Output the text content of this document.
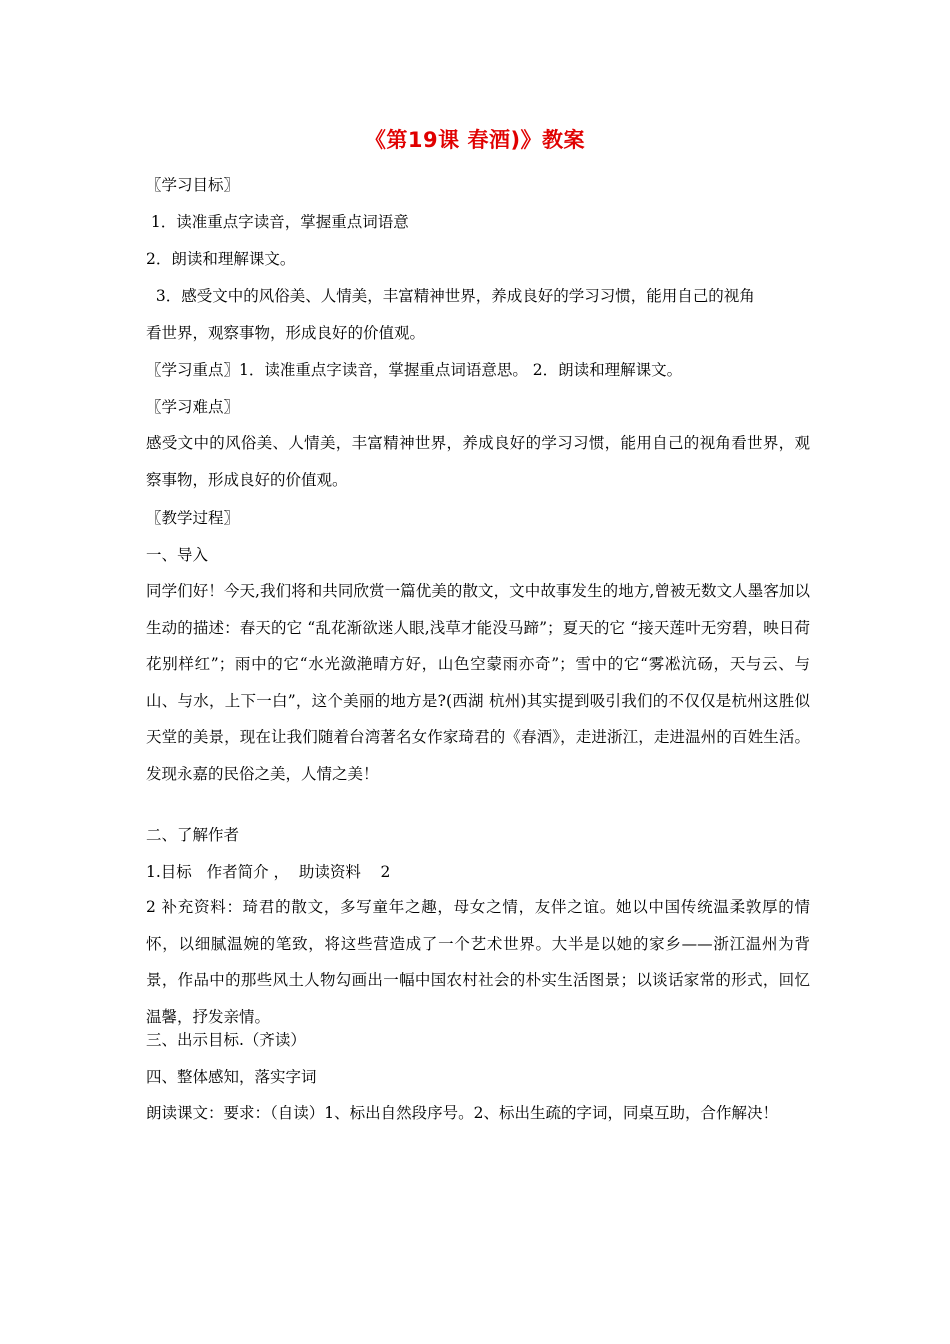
《第19课 春酒)》教案
〖学习目标〗
1．读准重点字读音，掌握重点词语意
2．朗读和理解课文。
3．感受文中的风俗美、人情美，丰富精神世界，养成良好的学习习惯，能用自己的视角
看世界，观察事物，形成良好的价值观。
〖学习重点〗1．读准重点字读音，掌握重点词语意思。 2．朗读和理解课文。
〖学习难点〗
感受文中的风俗美、人情美，丰富精神世界，养成良好的学习习惯，能用自己的视角看世界，观察事物，形成良好的价值观。
〖教学过程〗
一、导入
同学们好！今天,我们将和共同欣赏一篇优美的散文，文中故事发生的地方,曾被无数文人墨客加以生动的描述：春天的它 “乱花渐欲迷人眼,浅草才能没马蹄”；夏天的它 “接天莲叶无穷碧，映日荷花别样红”；雨中的它“水光潋滟晴方好，山色空蒙雨亦奇”；雪中的它“雾凇沆砀，天与云、与山、与水，上下一白”，这个美丽的地方是?(西湖 杭州)其实提到吸引我们的不仅仅是杭州这胜似天堂的美景，现在让我们随着台湾著名女作家琦君的《春酒》，走进浙江，走进温州的百姓生活。发现永嘉的民俗之美，人情之美！
二、了解作者
1.目标   作者简介 ，  助读资料    2
2 补充资料：琦君的散文，多写童年之趣，母女之情，友伴之谊。她以中国传统温柔敦厚的情怀，以细腻温婉的笔致，将这些营造成了一个艺术世界。大半是以她的家乡——浙江温州为背景，作品中的那些风土人物勾画出一幅中国农村社会的朴实生活图景；以谈话家常的形式，回忆温馨，抒发亲情。
三、出示目标.（齐读）
四、整体感知，落实字词
朗读课文：要求：（自读）1、标出自然段序号。2、标出生疏的字词，同桌互助，合作解决！
